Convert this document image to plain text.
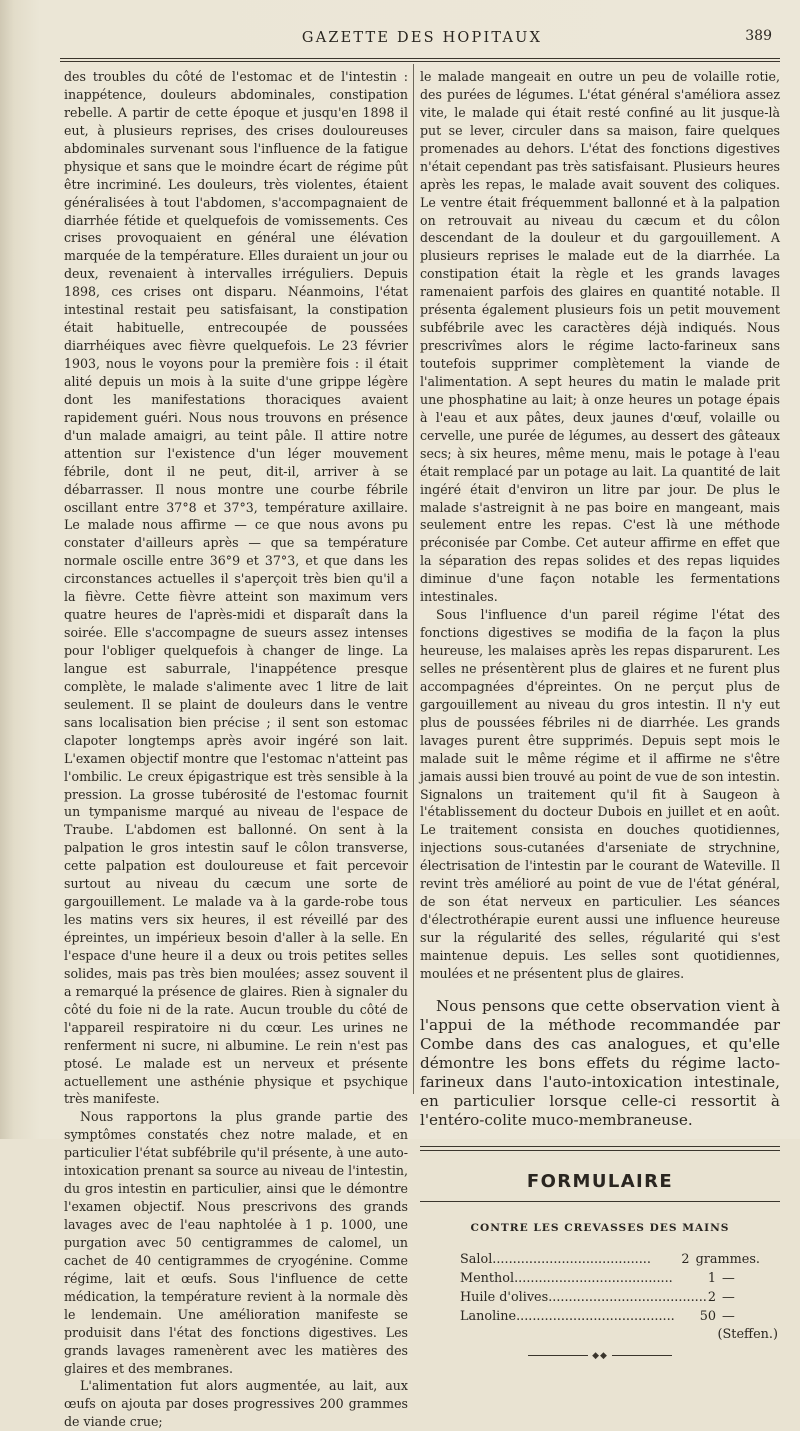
GAZETTE DES HOPITAUX	389

des troubles du côté de l'estomac et de l'intestin : inappétence, douleurs abdominales, constipation rebelle. A partir de cette époque et jusqu'en 1898 il eut, à plusieurs reprises, des crises douloureuses abdominales survenant sous l'influence de la fatigue physique et sans que le moindre écart de régime pût être incriminé. Les douleurs, très violentes, étaient généralisées à tout l'abdomen, s'accompagnaient de diarrhée fétide et quelquefois de vomissements. Ces crises provoquaient en général une élévation marquée de la température. Elles duraient un jour ou deux, revenaient à intervalles irréguliers. Depuis 1898, ces crises ont disparu. Néanmoins, l'état intestinal restait peu satisfaisant, la constipation était habituelle, entrecoupée de poussées diarrhéiques avec fièvre quelquefois. Le 23 février 1903, nous le voyons pour la première fois : il était alité depuis un mois à la suite d'une grippe légère dont les manifestations thoraciques avaient rapidement guéri. Nous nous trouvons en présence d'un malade amaigri, au teint pâle. Il attire notre attention sur l'existence d'un léger mouvement fébrile, dont il ne peut, dit-il, arriver à se débarrasser. Il nous montre une courbe fébrile oscillant entre 37°8 et 37°3, température axillaire. Le malade nous affirme — ce que nous avons pu constater d'ailleurs après — que sa température normale oscille entre 36°9 et 37°3, et que dans les circonstances actuelles il s'aperçoit très bien qu'il a la fièvre. Cette fièvre atteint son maximum vers quatre heures de l'après-midi et disparaît dans la soirée. Elle s'accompagne de sueurs assez intenses pour l'obliger quelquefois à changer de linge. La langue est saburrale, l'inappétence presque complète, le malade s'alimente avec 1 litre de lait seulement. Il se plaint de douleurs dans le ventre sans localisation bien précise ; il sent son estomac clapoter longtemps après avoir ingéré son lait. L'examen objectif montre que l'estomac n'atteint pas l'ombilic. Le creux épigastrique est très sensible à la pression. La grosse tubérosité de l'estomac fournit un tympanisme marqué au niveau de l'espace de Traube. L'abdomen est ballonné. On sent à la palpation le gros intestin sauf le côlon transverse, cette palpation est douloureuse et fait percevoir surtout au niveau du cæcum une sorte de gargouillement. Le malade va à la garde-robe tous les matins vers six heures, il est réveillé par des épreintes, un impérieux besoin d'aller à la selle. En l'espace d'une heure il a deux ou trois petites selles solides, mais pas très bien moulées; assez souvent il a remarqué la présence de glaires. Rien à signaler du côté du foie ni de la rate. Aucun trouble du côté de l'appareil respiratoire ni du cœur. Les urines ne renferment ni sucre, ni albumine. Le rein n'est pas ptosé. Le malade est un nerveux et présente actuellement une asthénie physique et psychique très manifeste.

Nous rapportons la plus grande partie des symptômes constatés chez notre malade, et en particulier l'état subfébrile qu'il présente, à une auto-intoxication prenant sa source au niveau de l'intestin, du gros intestin en particulier, ainsi que le démontre l'examen objectif. Nous prescrivons des grands lavages avec de l'eau naphtolée à 1 p. 1000, une purgation avec 50 centigrammes de calomel, un cachet de 40 centigrammes de cryogénine. Comme régime, lait et œufs. Sous l'influence de cette médication, la température revient à la normale dès le lendemain. Une amélioration manifeste se produisit dans l'état des fonctions digestives. Les grands lavages ramenèrent avec les matières des glaires et des membranes.

L'alimentation fut alors augmentée, au lait, aux œufs on ajouta par doses progressives 200 grammes de viande crue;

le malade mangeait en outre un peu de volaille rotie, des purées de légumes. L'état général s'améliora assez vite, le malade qui était resté confiné au lit jusque-là put se lever, circuler dans sa maison, faire quelques promenades au dehors. L'état des fonctions digestives n'était cependant pas très satisfaisant. Plusieurs heures après les repas, le malade avait souvent des coliques. Le ventre était fréquemment ballonné et à la palpation on retrouvait au niveau du cæcum et du côlon descendant de la douleur et du gargouillement. A plusieurs reprises le malade eut de la diarrhée. La constipation était la règle et les grands lavages ramenaient parfois des glaires en quantité notable. Il présenta également plusieurs fois un petit mouvement subfébrile avec les caractères déjà indiqués. Nous prescrivîmes alors le régime lacto-farineux sans toutefois supprimer complètement la viande de l'alimentation. A sept heures du matin le malade prit une phosphatine au lait; à onze heures un potage épais à l'eau et aux pâtes, deux jaunes d'œuf, volaille ou cervelle, une purée de légumes, au dessert des gâteaux secs; à six heures, même menu, mais le potage à l'eau était remplacé par un potage au lait. La quantité de lait ingéré était d'environ un litre par jour. De plus le malade s'astreignit à ne pas boire en mangeant, mais seulement entre les repas. C'est là une méthode préconisée par Combe. Cet auteur affirme en effet que la séparation des repas solides et des repas liquides diminue d'une façon notable les fermentations intestinales.

Sous l'influence d'un pareil régime l'état des fonctions digestives se modifia de la façon la plus heureuse, les malaises après les repas disparurent. Les selles ne présentèrent plus de glaires et ne furent plus accompagnées d'épreintes. On ne perçut plus de gargouillement au niveau du gros intestin. Il n'y eut plus de poussées fébriles ni de diarrhée. Les grands lavages purent être supprimés. Depuis sept mois le malade suit le même régime et il affirme ne s'être jamais aussi bien trouvé au point de vue de son intestin. Signalons un traitement qu'il fit à Saugeon à l'établissement du docteur Dubois en juillet et en août. Le traitement consista en douches quotidiennes, injections sous-cutanées d'arseniate de strychnine, électrisation de l'intestin par le courant de Wateville. Il revint très amélioré au point de vue de l'état général, de son état nerveux en particulier. Les séances d'électrothérapie eurent aussi une influence heureuse sur la régularité des selles, régularité qui s'est maintenue depuis. Les selles sont quotidiennes, moulées et ne présentent plus de glaires.

Nous pensons que cette observation vient à l'appui de la méthode recommandée par Combe dans des cas analogues, et qu'elle démontre les bons effets du régime lacto-farineux dans l'auto-intoxication intestinale, en particulier lorsque celle-ci ressortit à l'entéro-colite muco-membraneuse.

FORMULAIRE
CONTRE LES CREVASSES DES MAINS
Salol.......................................	2 grammes.
Menthol.......................................	1 —
Huile d'olives....................................... 2 —
Lanoline.......................................	50 —
(Steffen.)
◆◆
